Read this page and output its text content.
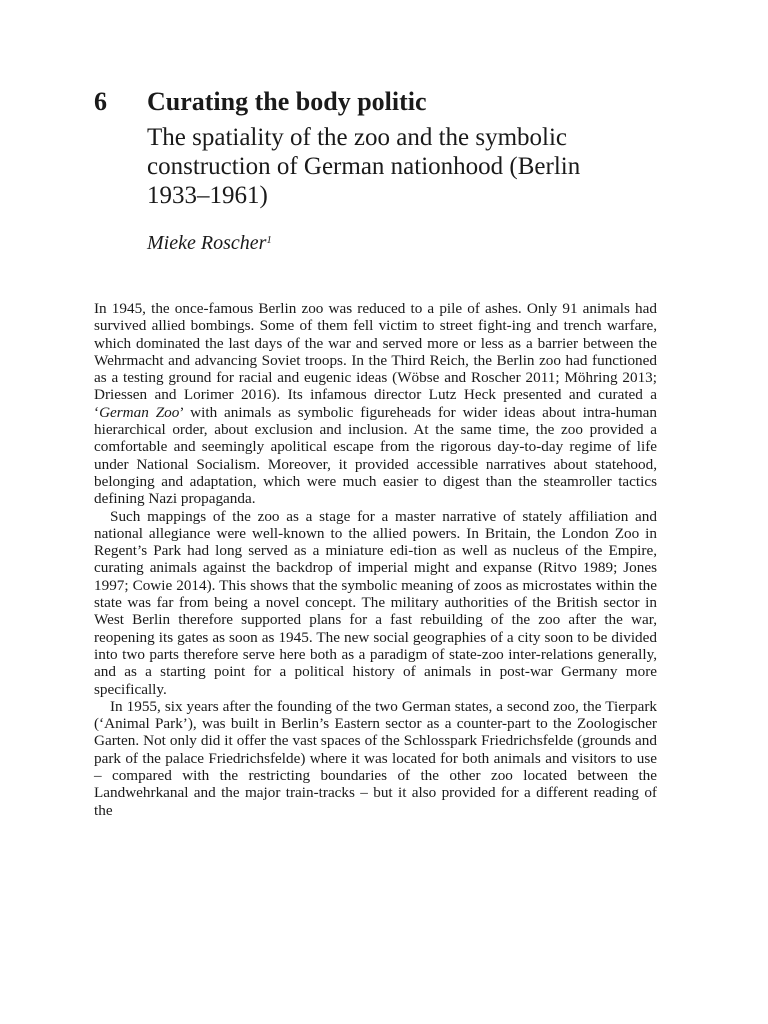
6 Curating the body politic
The spatiality of the zoo and the symbolic construction of German nationhood (Berlin 1933–1961)
Mieke Roscher$^1$

In 1945, the once-famous Berlin zoo was reduced to a pile of ashes. Only 91 animals had survived allied bombings. Some of them fell victim to street fight-ing and trench warfare, which dominated the last days of the war and served more or less as a barrier between the Wehrmacht and advancing Soviet troops. In the Third Reich, the Berlin zoo had functioned as a testing ground for racial and eugenic ideas (Wöbse and Roscher 2011; Möhring 2013; Driessen and Lorimer 2016). Its infamous director Lutz Heck presented and curated a ‘German Zoo’ with animals as symbolic figureheads for wider ideas about intra-human hierarchical order, about exclusion and inclusion. At the same time, the zoo provided a comfortable and seemingly apolitical escape from the rigorous day-to-day regime of life under National Socialism. Moreover, it provided accessible narratives about statehood, belonging and adaptation, which were much easier to digest than the steamroller tactics defining Nazi propaganda.

Such mappings of the zoo as a stage for a master narrative of stately affiliation and national allegiance were well-known to the allied powers. In Britain, the London Zoo in Regent’s Park had long served as a miniature edi-tion as well as nucleus of the Empire, curating animals against the backdrop of imperial might and expanse (Ritvo 1989; Jones 1997; Cowie 2014). This shows that the symbolic meaning of zoos as microstates within the state was far from being a novel concept. The military authorities of the British sector in West Berlin therefore supported plans for a fast rebuilding of the zoo after the war, reopening its gates as soon as 1945. The new social geographies of a city soon to be divided into two parts therefore serve here both as a paradigm of state-zoo inter-relations generally, and as a starting point for a political history of animals in post-war Germany more specifically.

In 1955, six years after the founding of the two German states, a second zoo, the Tierpark (‘Animal Park’), was built in Berlin’s Eastern sector as a counter-part to the Zoologischer Garten. Not only did it offer the vast spaces of the Schlosspark Friedrichsfelde (grounds and park of the palace Friedrichsfelde) where it was located for both animals and visitors to use – compared with the restricting boundaries of the other zoo located between the Landwehrkanal and the major train-tracks – but it also provided for a different reading of the
